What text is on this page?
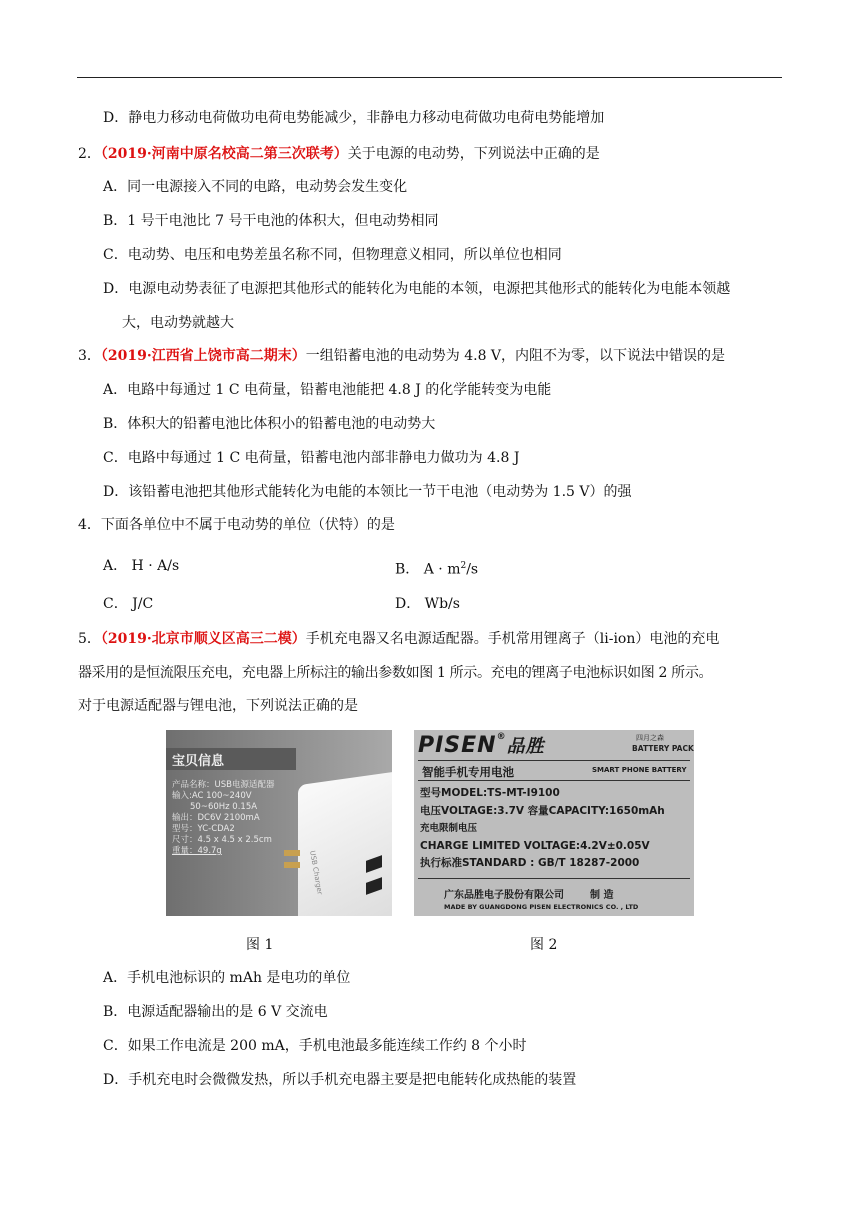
D．静电力移动电荷做功电荷电势能减少，非静电力移动电荷做功电荷电势能增加
2．（2019·河南中原名校高二第三次联考）关于电源的电动势，下列说法中正确的是
A．同一电源接入不同的电路，电动势会发生变化
B．1 号干电池比 7 号干电池的体积大，但电动势相同
C．电动势、电压和电势差虽名称不同，但物理意义相同，所以单位也相同
D．电源电动势表征了电源把其他形式的能转化为电能的本领，电源把其他形式的能转化为电能本领越
大，电动势就越大
3．（2019·江西省上饶市高二期末）一组铅蓄电池的电动势为 4.8 V，内阻不为零，以下说法中错误的是
A．电路中每通过 1 C 电荷量，铅蓄电池能把 4.8 J 的化学能转变为电能
B．体积大的铅蓄电池比体积小的铅蓄电池的电动势大
C．电路中每通过 1 C 电荷量，铅蓄电池内部非静电力做功为 4.8 J
D．该铅蓄电池把其他形式能转化为电能的本领比一节干电池（电动势为 1.5 V）的强
4．下面各单位中不属于电动势的单位（伏特）的是
A． H · A/s	B． $A \cdot m^2/s$
C． J/C	D． Wb/s
5．（2019·北京市顺义区高三二模）手机充电器又名电源适配器。手机常用锂离子（li-ion）电池的充电
器采用的是恒流限压充电，充电器上所标注的输出参数如图 1 所示。充电的锂离子电池标识如图 2 所示。
对于电源适配器与锂电池，下列说法正确的是
宝贝信息
产品名称：USB电源适配器
输入:AC 100~240V
50~60Hz 0.15A
输出：DC6V 2100mA
型号：YC-CDA2
尺寸：4.5 x 4.5 x 2.5cm
重量：49.7g	USB Charger
PISEN®品胜	四月之森
BATTERY PACK
智能手机专用电池	SMART PHONE BATTERY
型号MODEL:TS-MT-I9100
电压VOLTAGE:3.7V 容量CAPACITY:1650mAh
充电限制电压
CHARGE LIMITED VOLTAGE:4.2V±0.05V
执行标准STANDARD : GB/T 18287-2000
广东品胜电子股份有限公司	制 造
MADE BY GUANGDONG PISEN ELECTRONICS CO. , LTD
图 1	图 2
A．手机电池标识的 mAh 是电功的单位
B．电源适配器输出的是 6 V 交流电
C．如果工作电流是 200 mA，手机电池最多能连续工作约 8 个小时
D．手机充电时会微微发热，所以手机充电器主要是把电能转化成热能的装置
